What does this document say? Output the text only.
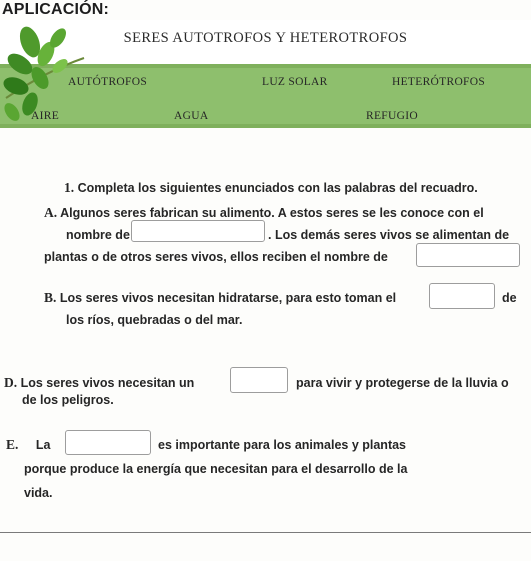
APLICACIÓN:
SERES AUTOTROFOS Y HETEROTROFOS
AUTÓTROFOS	LUZ SOLAR	HETERÓTROFOS
AIRE	AGUA	REFUGIO
1. Completa los siguientes enunciados con las palabras del recuadro.
A. Algunos seres fabrican su alimento. A estos seres se les conoce con el
nombre de	. Los demás seres vivos se alimentan de
plantas o de otros seres vivos, ellos reciben el nombre de
B. Los seres vivos necesitan hidratarse, para esto toman el	de
los ríos, quebradas o del mar.
D. Los seres vivos necesitan un	para vivir y protegerse de la lluvia o
de los peligros.
E. La	es importante para los animales y plantas
porque produce la energía que necesitan para el desarrollo de la
vida.
